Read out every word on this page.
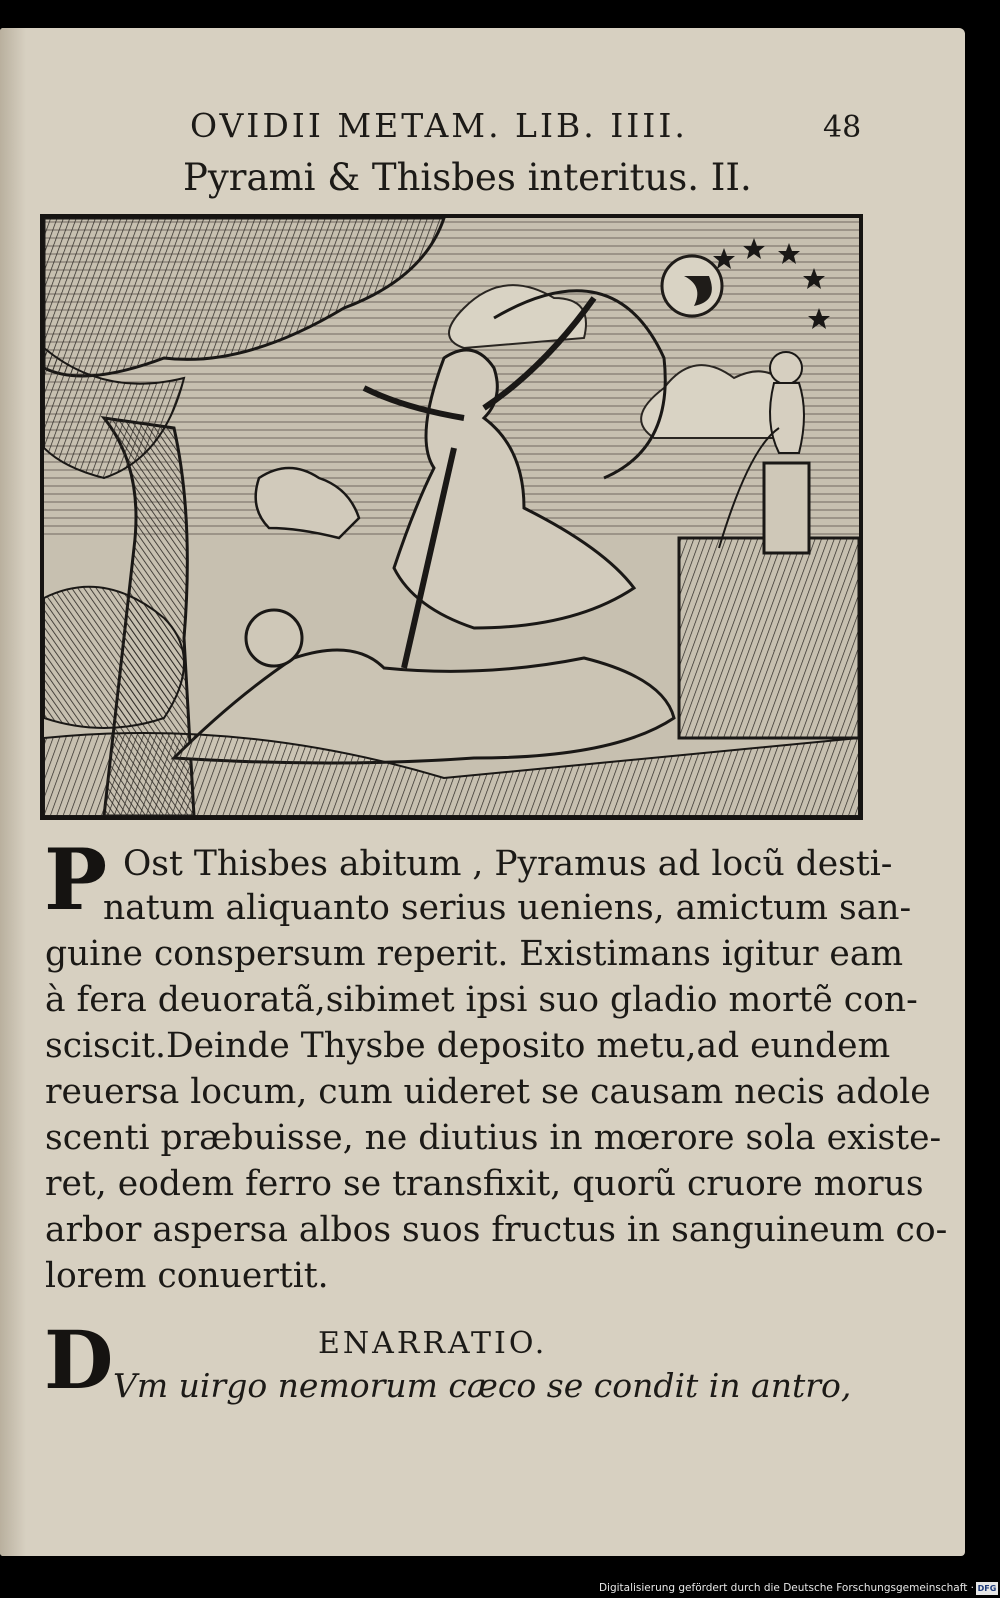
OVIDII METAM. LIB. IIII.	48
Pyrami & Thisbes interitus. II.
P Ost Thisbes abitum , Pyramus ad locũ desti-
natum aliquanto serius ueniens, amictum san-
guine conspersum reperit. Existimans igitur eam
à fera deuoratã,sibimet ipsi suo gladio mortẽ con-
sciscit.Deinde Thysbe deposito metu,ad eundem
reuersa locum, cum uideret se causam necis adole
scenti præbuisse, ne diutius in mœrore sola existe-
ret, eodem ferro se transfixit, quorũ cruore morus
arbor aspersa albos suos fructus in sanguineum co-
lorem conuertit.
D	ENARRATIO.
Vm uirgo nemorum cæco se condit in antro,
Digitalisierung gefördert durch die Deutsche Forschungsgemeinschaft · DFG
